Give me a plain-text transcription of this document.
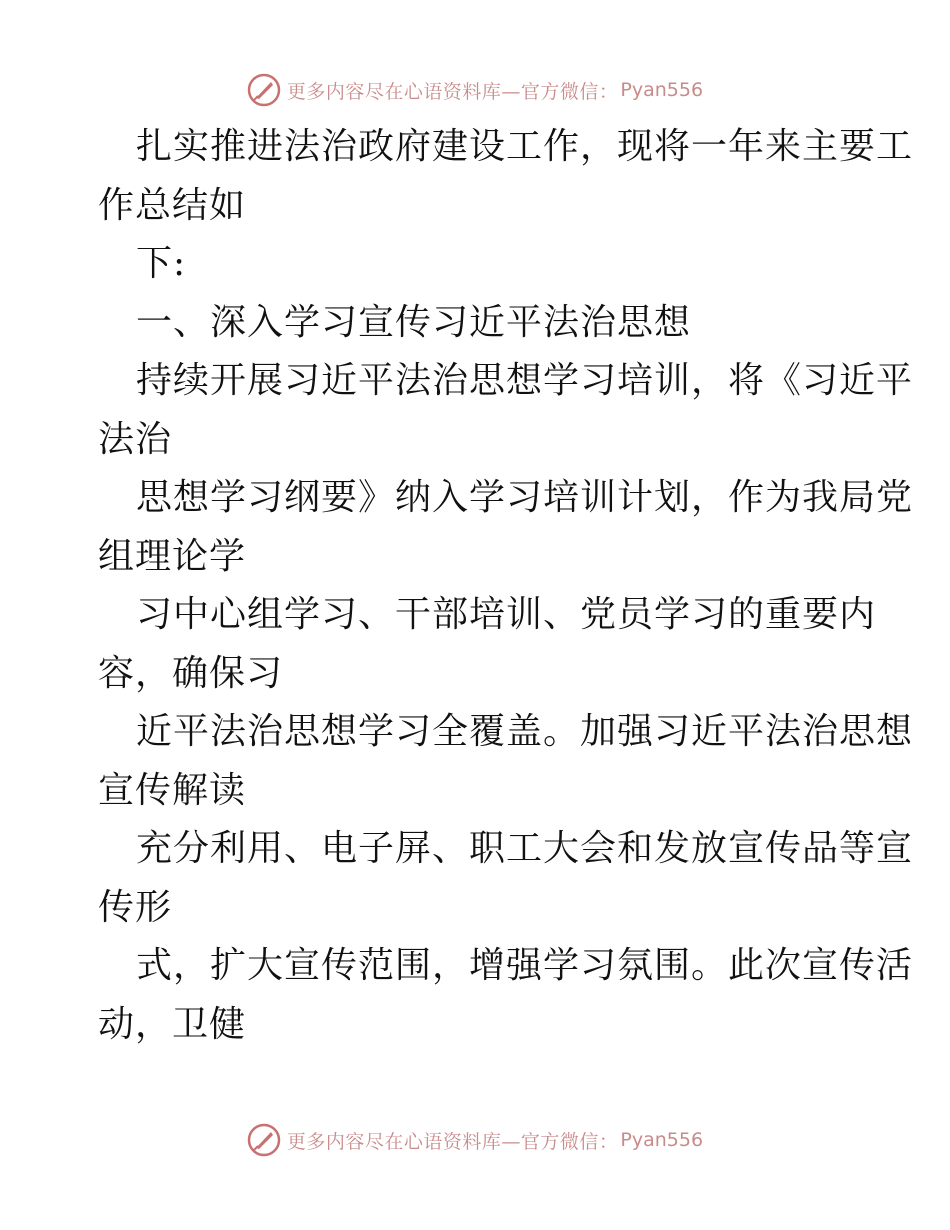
更多内容尽在心语资料库—官方微信： Pyan556
扎实推进法治政府建设工作，现将一年来主要工
作总结如
下:
一、深入学习宣传习近平法治思想
持续开展习近平法治思想学习培训，将《习近平
法治
思想学习纲要》纳入学习培训计划，作为我局党
组理论学
习中心组学习、干部培训、党员学习的重要内
容，确保习
近平法治思想学习全覆盖。加强习近平法治思想
宣传解读
充分利用、电子屏、职工大会和发放宣传品等宣
传形
式，扩大宣传范围，增强学习氛围。此次宣传活
动，卫健
更多内容尽在心语资料库—官方微信： Pyan556
